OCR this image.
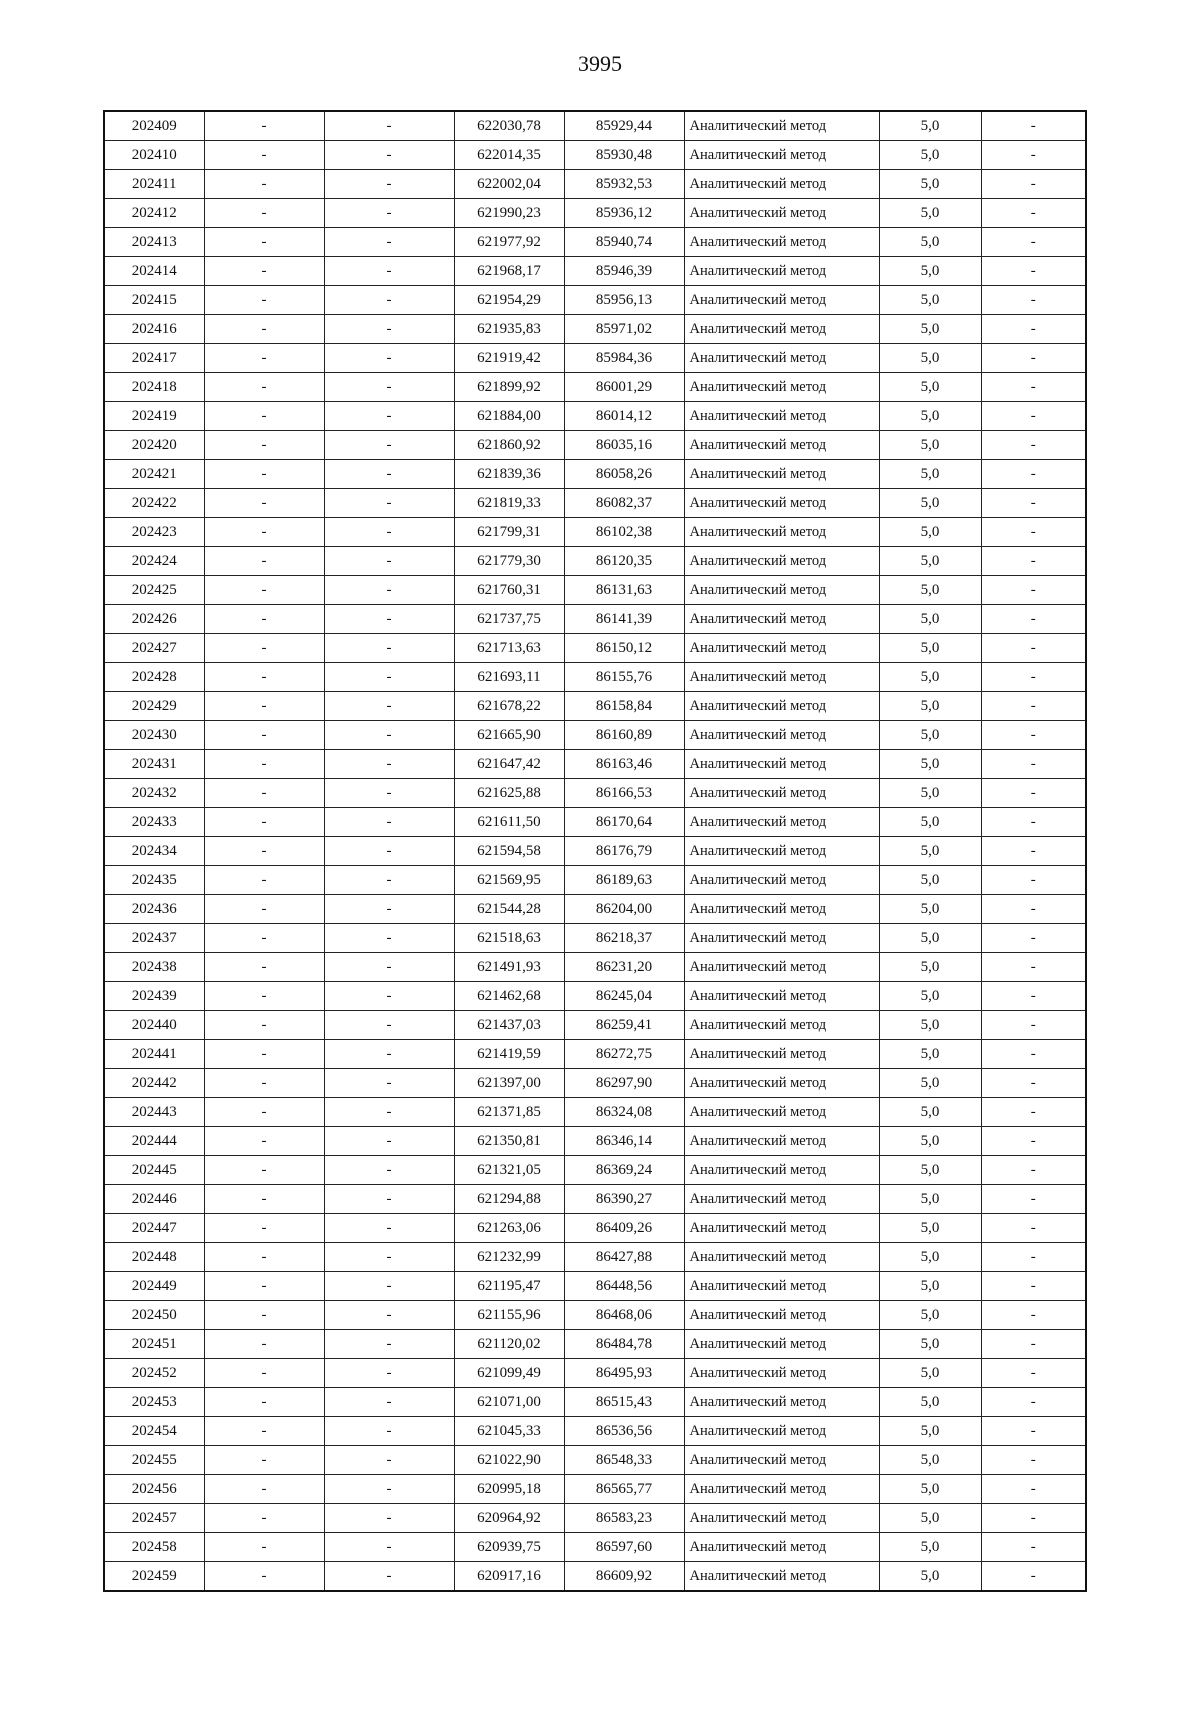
3995
202409	-	-	622030,78	85929,44	Аналитический метод	5,0	-
202410	-	-	622014,35	85930,48	Аналитический метод	5,0	-
202411	-	-	622002,04	85932,53	Аналитический метод	5,0	-
202412	-	-	621990,23	85936,12	Аналитический метод	5,0	-
202413	-	-	621977,92	85940,74	Аналитический метод	5,0	-
202414	-	-	621968,17	85946,39	Аналитический метод	5,0	-
202415	-	-	621954,29	85956,13	Аналитический метод	5,0	-
202416	-	-	621935,83	85971,02	Аналитический метод	5,0	-
202417	-	-	621919,42	85984,36	Аналитический метод	5,0	-
202418	-	-	621899,92	86001,29	Аналитический метод	5,0	-
202419	-	-	621884,00	86014,12	Аналитический метод	5,0	-
202420	-	-	621860,92	86035,16	Аналитический метод	5,0	-
202421	-	-	621839,36	86058,26	Аналитический метод	5,0	-
202422	-	-	621819,33	86082,37	Аналитический метод	5,0	-
202423	-	-	621799,31	86102,38	Аналитический метод	5,0	-
202424	-	-	621779,30	86120,35	Аналитический метод	5,0	-
202425	-	-	621760,31	86131,63	Аналитический метод	5,0	-
202426	-	-	621737,75	86141,39	Аналитический метод	5,0	-
202427	-	-	621713,63	86150,12	Аналитический метод	5,0	-
202428	-	-	621693,11	86155,76	Аналитический метод	5,0	-
202429	-	-	621678,22	86158,84	Аналитический метод	5,0	-
202430	-	-	621665,90	86160,89	Аналитический метод	5,0	-
202431	-	-	621647,42	86163,46	Аналитический метод	5,0	-
202432	-	-	621625,88	86166,53	Аналитический метод	5,0	-
202433	-	-	621611,50	86170,64	Аналитический метод	5,0	-
202434	-	-	621594,58	86176,79	Аналитический метод	5,0	-
202435	-	-	621569,95	86189,63	Аналитический метод	5,0	-
202436	-	-	621544,28	86204,00	Аналитический метод	5,0	-
202437	-	-	621518,63	86218,37	Аналитический метод	5,0	-
202438	-	-	621491,93	86231,20	Аналитический метод	5,0	-
202439	-	-	621462,68	86245,04	Аналитический метод	5,0	-
202440	-	-	621437,03	86259,41	Аналитический метод	5,0	-
202441	-	-	621419,59	86272,75	Аналитический метод	5,0	-
202442	-	-	621397,00	86297,90	Аналитический метод	5,0	-
202443	-	-	621371,85	86324,08	Аналитический метод	5,0	-
202444	-	-	621350,81	86346,14	Аналитический метод	5,0	-
202445	-	-	621321,05	86369,24	Аналитический метод	5,0	-
202446	-	-	621294,88	86390,27	Аналитический метод	5,0	-
202447	-	-	621263,06	86409,26	Аналитический метод	5,0	-
202448	-	-	621232,99	86427,88	Аналитический метод	5,0	-
202449	-	-	621195,47	86448,56	Аналитический метод	5,0	-
202450	-	-	621155,96	86468,06	Аналитический метод	5,0	-
202451	-	-	621120,02	86484,78	Аналитический метод	5,0	-
202452	-	-	621099,49	86495,93	Аналитический метод	5,0	-
202453	-	-	621071,00	86515,43	Аналитический метод	5,0	-
202454	-	-	621045,33	86536,56	Аналитический метод	5,0	-
202455	-	-	621022,90	86548,33	Аналитический метод	5,0	-
202456	-	-	620995,18	86565,77	Аналитический метод	5,0	-
202457	-	-	620964,92	86583,23	Аналитический метод	5,0	-
202458	-	-	620939,75	86597,60	Аналитический метод	5,0	-
202459	-	-	620917,16	86609,92	Аналитический метод	5,0	-
